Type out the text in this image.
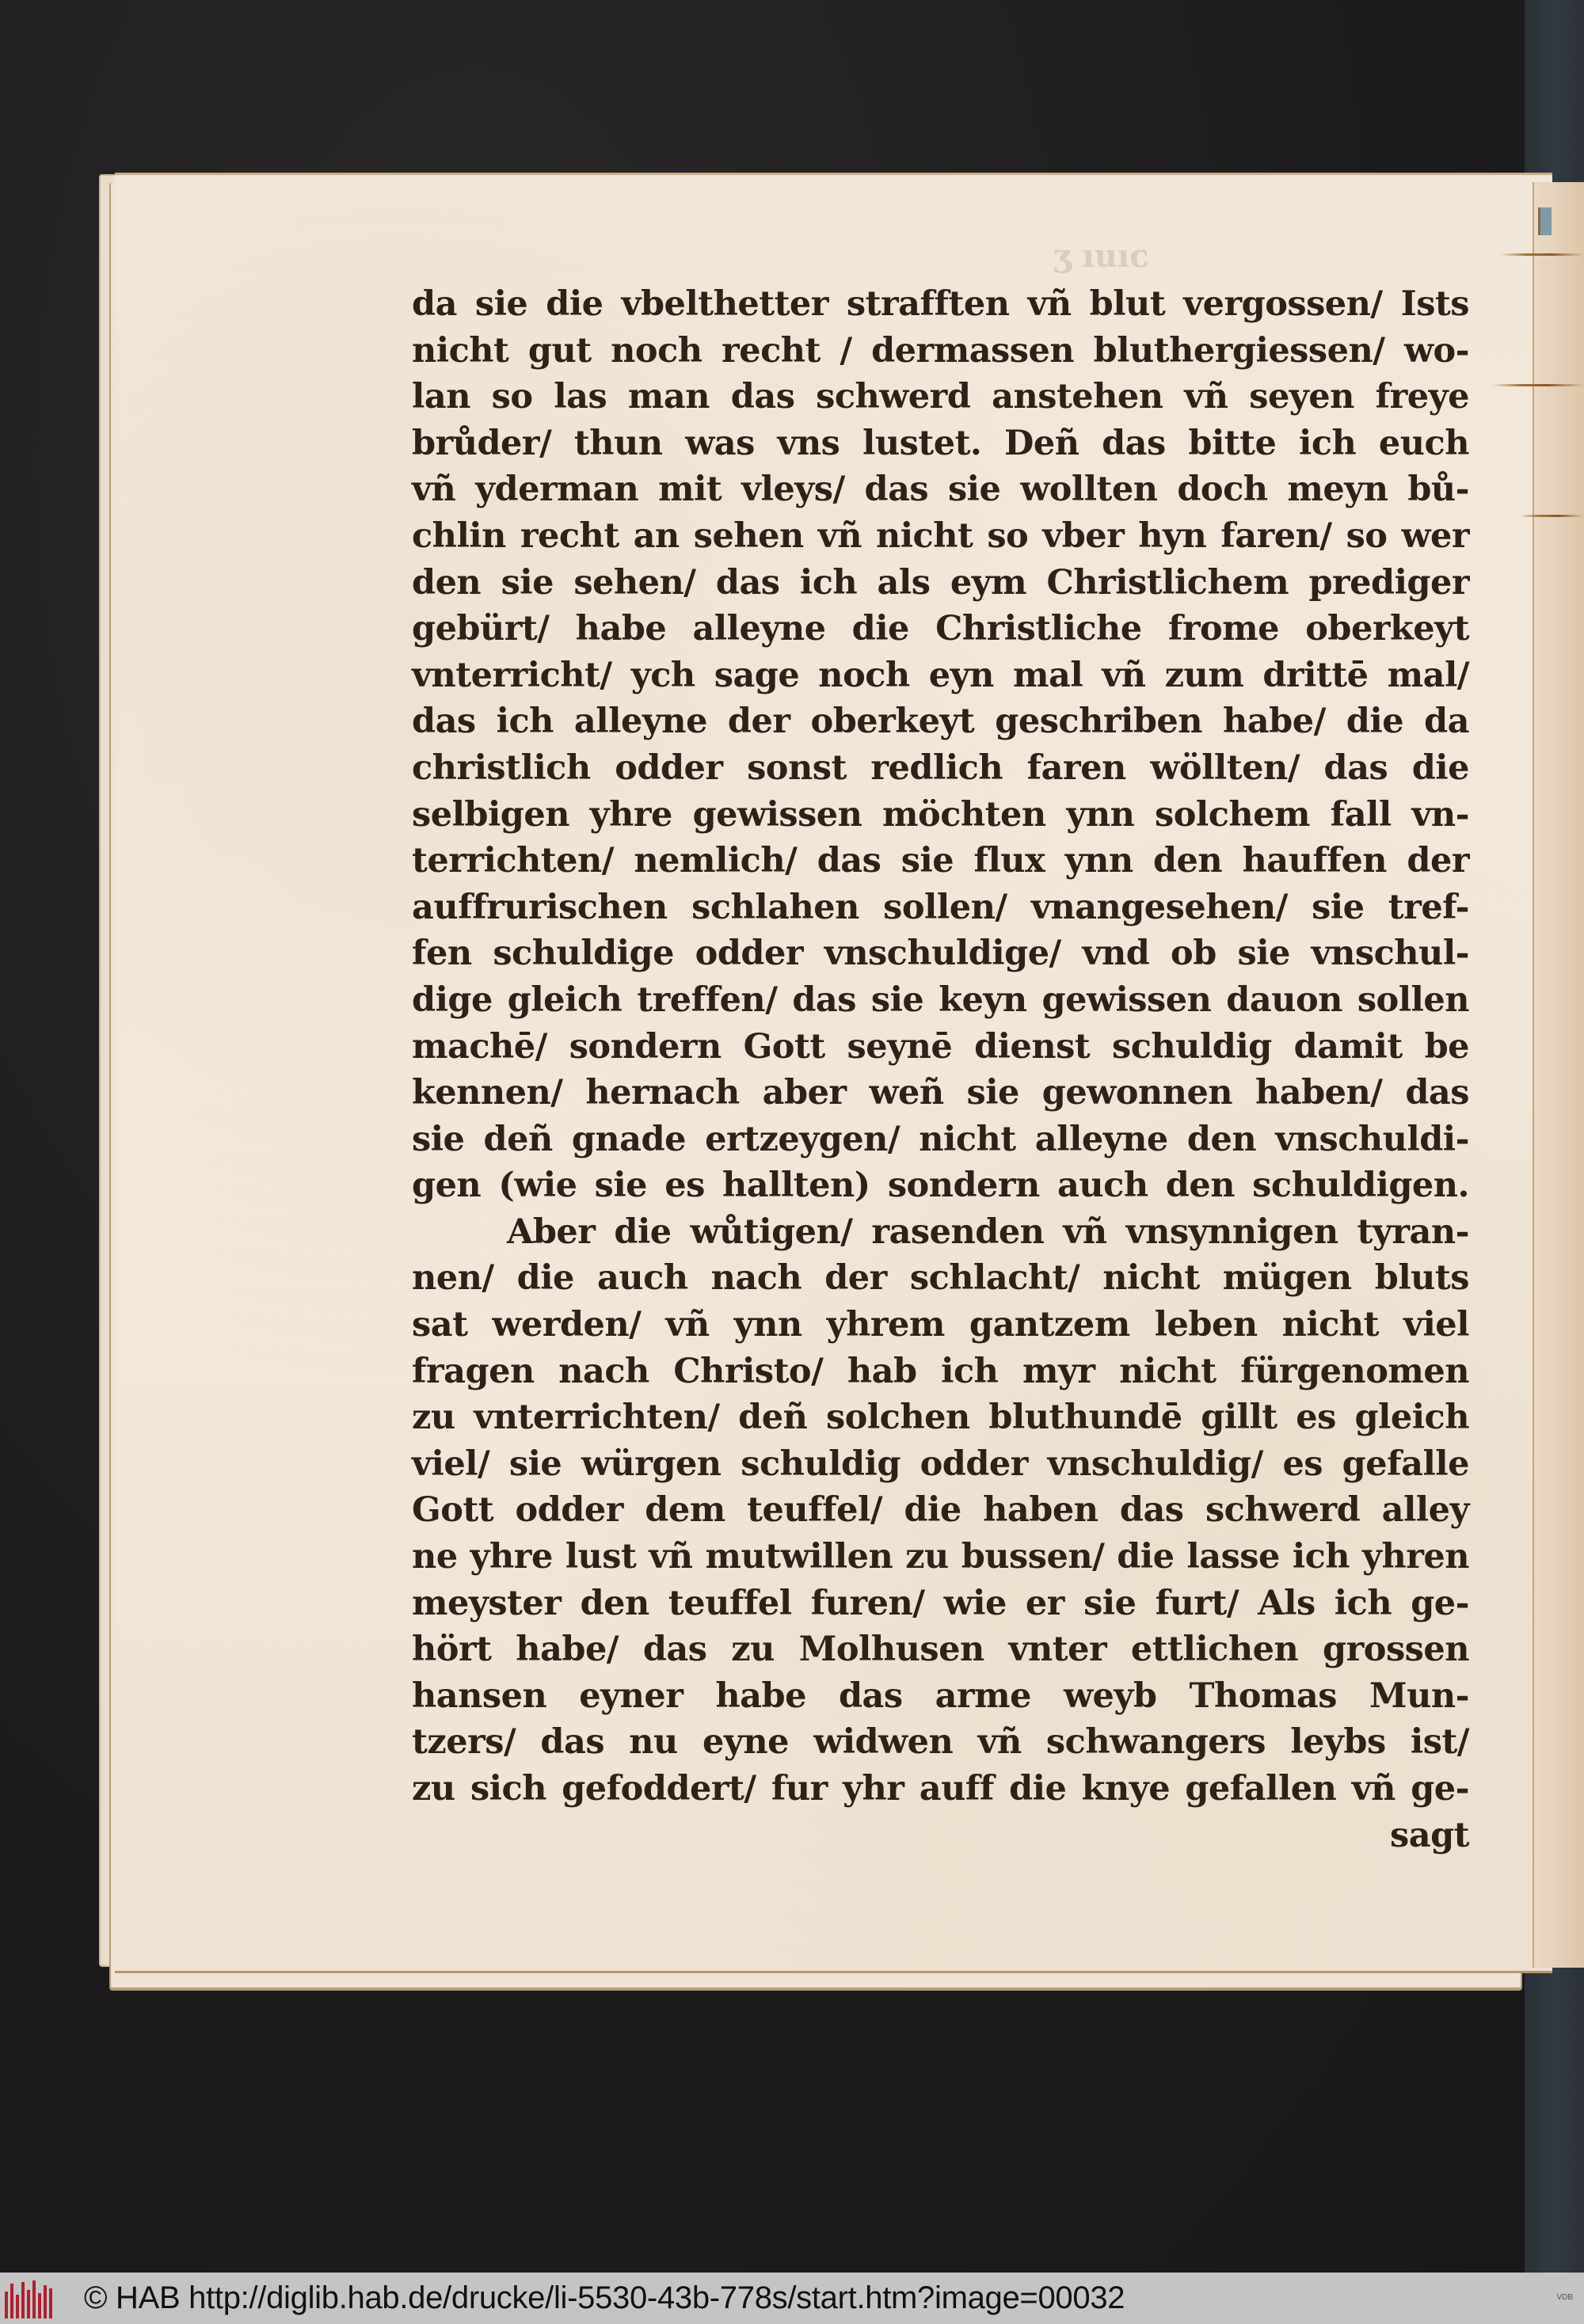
ʒ ıuıᴄ
da sie die vbelthetter strafften vñ blut vergossen/ Ists
nicht gut noch recht / dermassen bluthergiessen/ wo-
lan so las man das schwerd anstehen vñ seyen freye
brůder/ thun was vns lustet. Deñ das bitte ich euch
vñ yderman mit vleys/ das sie wollten doch meyn bů-
chlin recht an sehen vñ nicht so vber hyn faren/ so wer
den sie sehen/ das ich als eym Christlichem prediger
gebürt/ habe alleyne die Christliche frome oberkeyt
vnterricht/ ych sage noch eyn mal vñ zum drittē mal/
das ich alleyne der oberkeyt geschriben habe/ die da
christlich odder sonst redlich faren wöllten/ das die
selbigen yhre gewissen möchten ynn solchem fall vn-
terrichten/ nemlich/ das sie flux ynn den hauffen der
auffrurischen schlahen sollen/ vnangesehen/ sie tref-
fen schuldige odder vnschuldige/ vnd ob sie vnschul-
dige gleich treffen/ das sie keyn gewissen dauon sollen
machē/ sondern Gott seynē dienst schuldig damit be
kennen/ hernach aber weñ sie gewonnen haben/ das
sie deñ gnade ertzeygen/ nicht alleyne den vnschuldi-
gen (wie sie es hallten) sondern auch den schuldigen.
Aber die wůtigen/ rasenden vñ vnsynnigen tyran-
nen/ die auch nach der schlacht/ nicht mügen bluts
sat werden/ vñ ynn yhrem gantzem leben nicht viel
fragen nach Christo/ hab ich myr nicht fürgenomen
zu vnterrichten/ deñ solchen bluthundē gillt es gleich
viel/ sie würgen schuldig odder vnschuldig/ es gefalle
Gott odder dem teuffel/ die haben das schwerd alley
ne yhre lust vñ mutwillen zu bussen/ die lasse ich yhren
meyster den teuffel furen/ wie er sie furt/ Als ich ge-
hört habe/ das zu Molhusen vnter ettlichen grossen
hansen eyner habe das arme weyb Thomas Mun-
tzers/ das nu eyne widwen vñ schwangers leybs ist/
zu sich gefoddert/ fur yhr auff die knye gefallen vñ ge-
sagt
© HAB http://diglib.hab.de/drucke/li-5530-43b-778s/start.htm?image=00032	VDB
